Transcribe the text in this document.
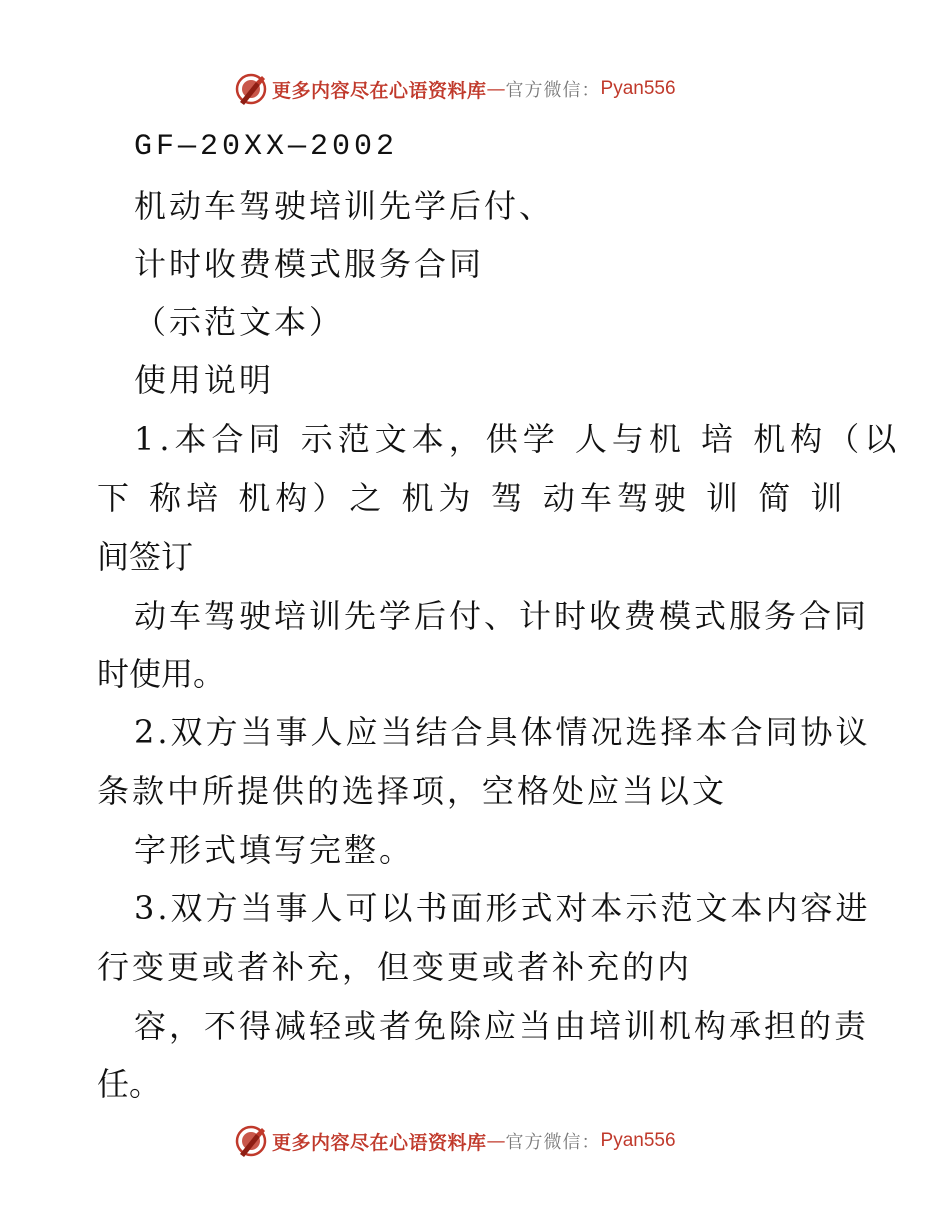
更多内容尽在心语资料库 — 官方微信： Pyan556
GF—20XX—2002
机动车驾驶培训先学后付、
计时收费模式服务合同
（示范文本）
使用说明
1.本合同 示范文本，供学 人与机 培 机构（以
下 称培 机构）之 机为 驾 动车驾驶 训 简 训
间签订
动车驾驶培训先学后付、计时收费模式服务合同
时使用。
2.双方当事人应当结合具体情况选择本合同协议
条款中所提供的选择项，空格处应当以文
字形式填写完整。
3.双方当事人可以书面形式对本示范文本内容进
行变更或者补充，但变更或者补充的内
容，不得减轻或者免除应当由培训机构承担的责
任。
更多内容尽在心语资料库 — 官方微信： Pyan556
